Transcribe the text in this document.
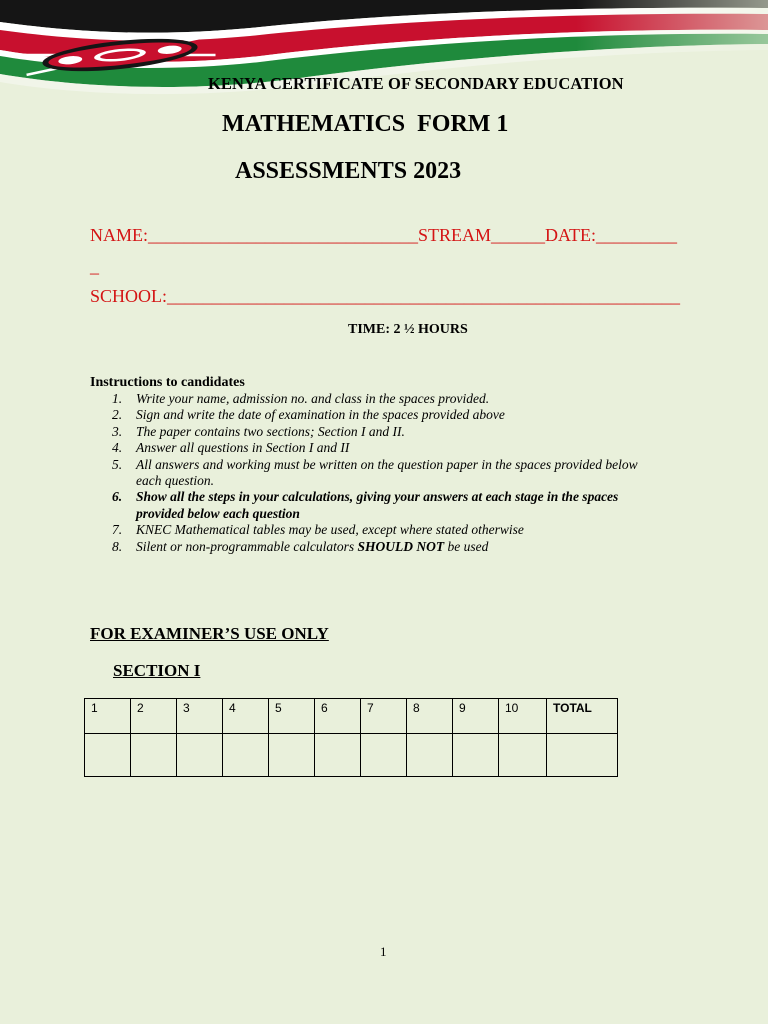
KENYA CERTIFICATE OF SECONDARY EDUCATION
MATHEMATICS  FORM 1
ASSESSMENTS 2023
NAME:______________________________STREAM______DATE:_________
_
SCHOOL:_________________________________________________________
TIME: 2 ½ HOURS
Instructions to candidates
1. Write your name, admission no. and class in the spaces provided.
2. Sign and write the date of examination in the spaces provided above
3. The paper contains two sections; Section I and II.
4. Answer all questions in Section I and II
5. All answers and working must be written on the question paper in the spaces provided below each question.
6. Show all the steps in your calculations, giving your answers at each stage in the spaces provided below each question
7. KNEC Mathematical tables may be used, except where stated otherwise
8. Silent or non-programmable calculators SHOULD NOT be used
FOR EXAMINER’S USE ONLY
SECTION I
1	2	3	4	5	6	7	8	9	10	TOTAL

1
